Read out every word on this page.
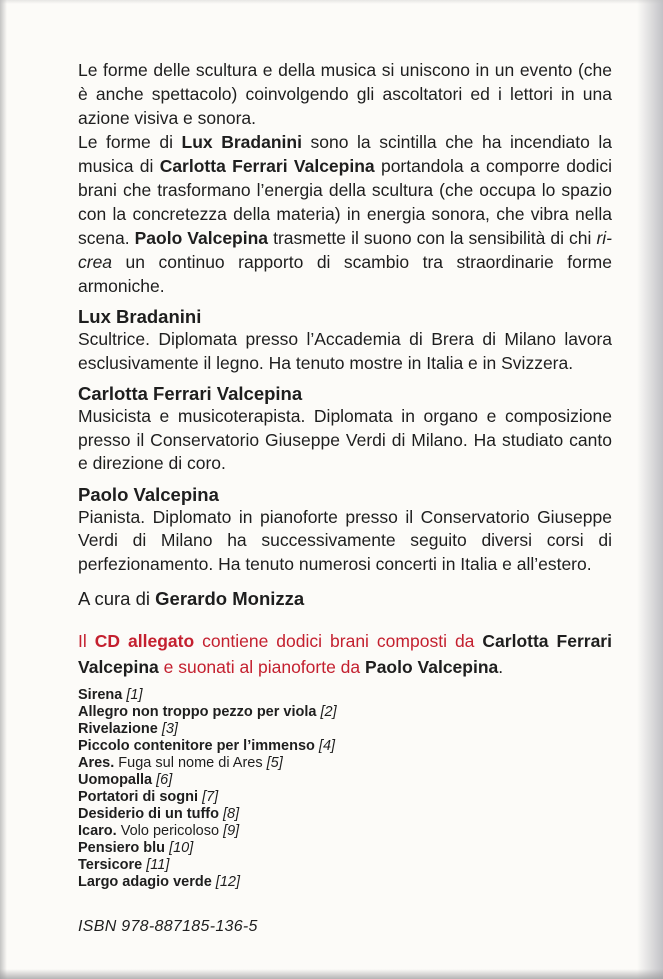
Le forme delle scultura e della musica si uniscono in un evento (che è anche spettacolo) coinvolgendo gli ascoltatori ed i lettori in una azione visiva e sonora.

Le forme di Lux Bradanini sono la scintilla che ha incendiato la musica di Carlotta Ferrari Valcepina portandola a comporre dodici brani che trasformano l’energia della scultura (che occupa lo spazio con la concretezza della materia) in energia sonora, che vibra nella scena. Paolo Valcepina trasmette il suono con la sensibilità di chi ri-crea un continuo rapporto di scambio tra straordinarie forme armoniche.

Lux Bradanini

Scultrice. Diplomata presso l’Accademia di Brera di Milano lavora esclusivamente il legno. Ha tenuto mostre in Italia e in Svizzera.

Carlotta Ferrari Valcepina

Musicista e musicoterapista. Diplomata in organo e composizione presso il Conservatorio Giuseppe Verdi di Milano. Ha studiato canto e direzione di coro.

Paolo Valcepina

Pianista. Diplomato in pianoforte presso il Conservatorio Giuseppe Verdi di Milano ha successivamente seguito diversi corsi di perfezionamento. Ha tenuto numerosi concerti in Italia e all’estero.

A cura di Gerardo Monizza
Il CD allegato contiene dodici brani composti da Carlotta Ferrari Valcepina e suonati al pianoforte da Paolo Valcepina.
Sirena [1]
Allegro non troppo pezzo per viola [2]
Rivelazione [3]
Piccolo contenitore per l’immenso [4]
Ares. Fuga sul nome di Ares [5]
Uomopalla [6]
Portatori di sogni [7]
Desiderio di un tuffo [8]
Icaro. Volo pericoloso [9]
Pensiero blu [10]
Tersicore [11]
Largo adagio verde [12]
ISBN 978-887185-136-5
